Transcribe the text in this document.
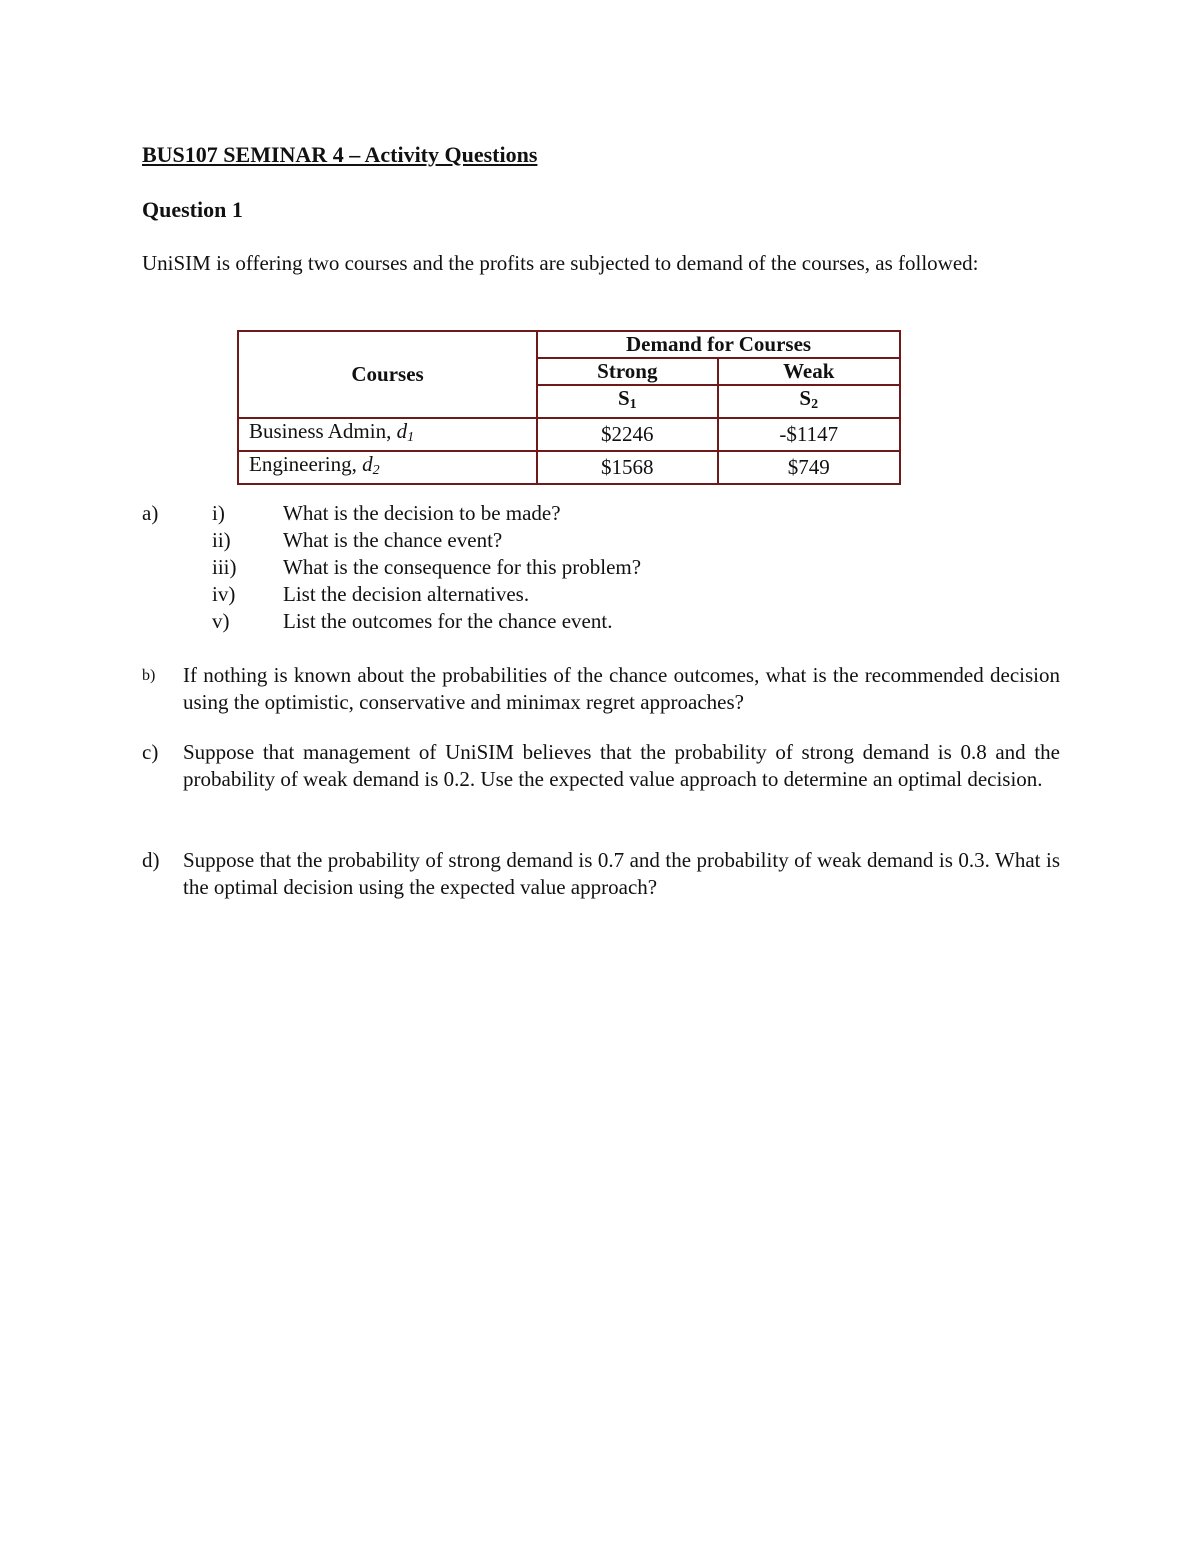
BUS107 SEMINAR 4 – Activity Questions
Question 1
UniSIM is offering two courses and the profits are subjected to demand of the courses, as followed:
Courses	Demand for Courses	
	Strong	Weak
	$S_1$	$S_2$
Business Admin, $d_1$	$2246	-$1147
Engineering, $d_2$	$1568	$749
a)	i)	What is the decision to be made?
ii) What is the chance event?
iii) What is the consequence for this problem?
iv) List the decision alternatives.
v)	List the outcomes for the chance event.
b) If nothing is known about the probabilities of the chance outcomes, what is the recommended decision using the optimistic, conservative and minimax regret approaches?
c) Suppose that management of UniSIM believes that the probability of strong demand is 0.8 and the probability of weak demand is 0.2. Use the expected value approach to determine an optimal decision.
d) Suppose that the probability of strong demand is 0.7 and the probability of weak demand is 0.3. What is the optimal decision using the expected value approach?
